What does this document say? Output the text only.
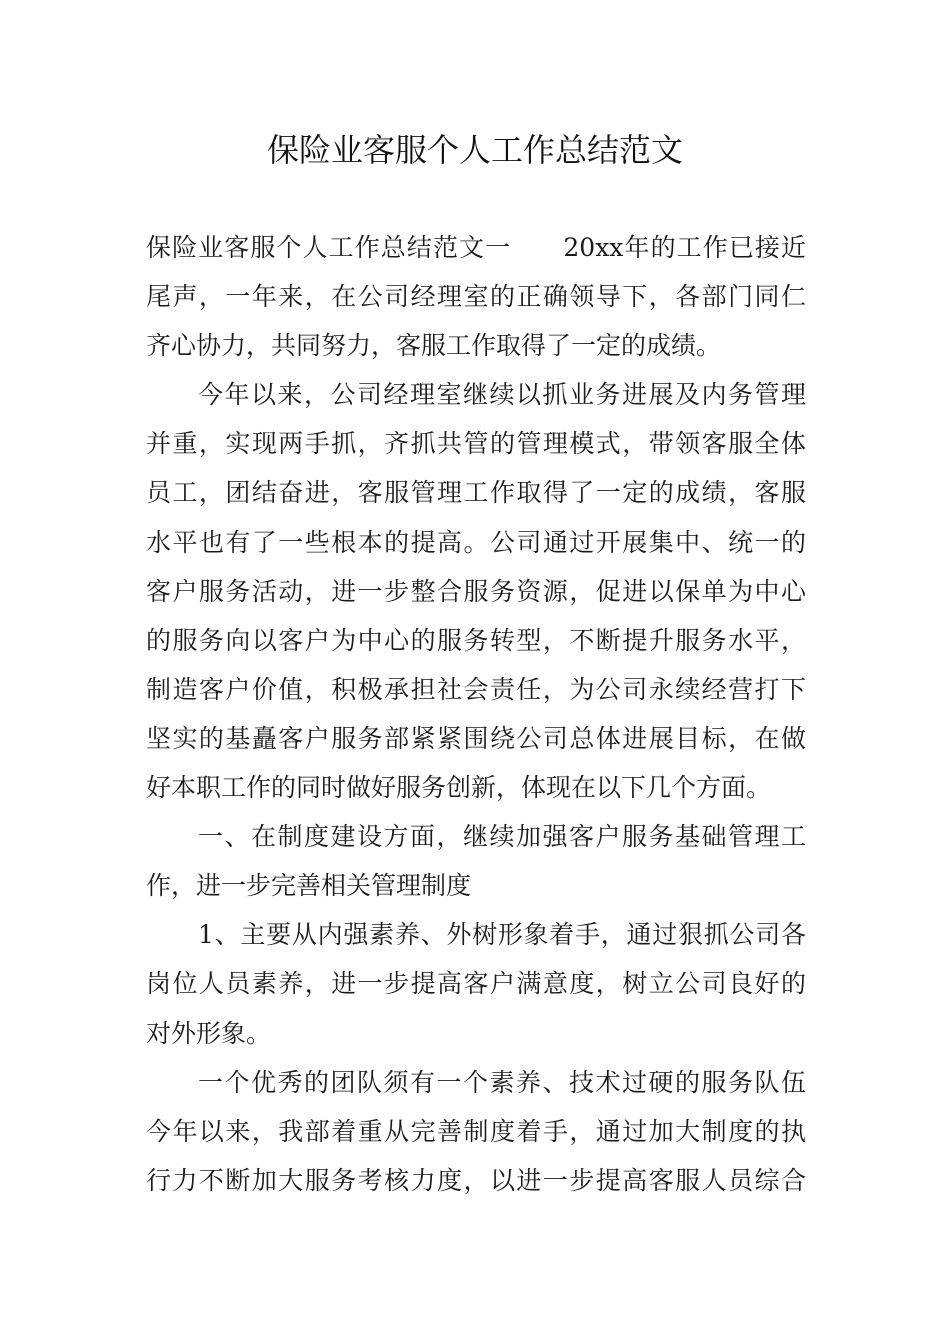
保险业客服个人工作总结范文
保险业客服个人工作总结范文一　　20xx年的工作已接近
尾声，一年来，在公司经理室的正确领导下，各部门同仁
齐心协力，共同努力，客服工作取得了一定的成绩。
今年以来，公司经理室继续以抓业务进展及内务管理
并重，实现两手抓，齐抓共管的管理模式，带领客服全体
员工，团结奋进，客服管理工作取得了一定的成绩，客服
水平也有了一些根本的提高。公司通过开展集中、统一的
客户服务活动，进一步整合服务资源，促进以保单为中心
的服务向以客户为中心的服务转型，不断提升服务水平，
制造客户价值，积极承担社会责任，为公司永续经营打下
坚实的基矗客户服务部紧紧围绕公司总体进展目标，在做
好本职工作的同时做好服务创新，体现在以下几个方面。
一、在制度建设方面，继续加强客户服务基础管理工
作，进一步完善相关管理制度
1、主要从内强素养、外树形象着手，通过狠抓公司各
岗位人员素养，进一步提高客户满意度，树立公司良好的
对外形象。
一个优秀的团队须有一个素养、技术过硬的服务队伍
今年以来，我部着重从完善制度着手，通过加大制度的执
行力不断加大服务考核力度，以进一步提高客服人员综合
